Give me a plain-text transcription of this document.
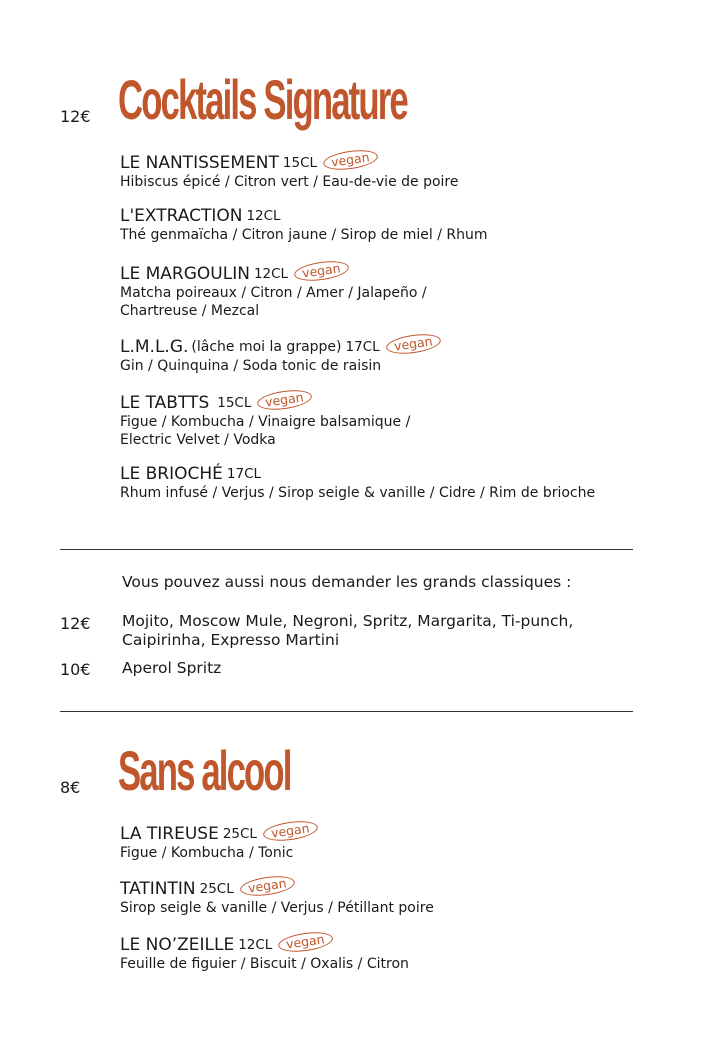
12€ Cocktails Signature
LE NANTISSEMENT 15CL	vegan
Hibiscus épicé / Citron vert / Eau-de-vie de poire
L'EXTRACTION 12CL
Thé genmaïcha / Citron jaune / Sirop de miel / Rhum
LE MARGOULIN 12CL	vegan
Matcha poireaux / Citron / Amer / Jalapeño /
Chartreuse / Mezcal
L.M.L.G. (lâche moi la grappe) 17CL	vegan
Gin / Quinquina / Soda tonic de raisin
LE TABTTS 15CL	vegan
Figue / Kombucha / Vinaigre balsamique /
Electric Velvet / Vodka
LE BRIOCHÉ 17CL
Rhum infusé / Verjus / Sirop seigle & vanille / Cidre / Rim de brioche
Vous pouvez aussi nous demander les grands classiques :
12€ Mojito, Moscow Mule, Negroni, Spritz, Margarita, Ti-punch,
Caipirinha, Expresso Martini
10€ Aperol Spritz
8€ Sans alcool
LA TIREUSE 25CL	vegan
Figue / Kombucha / Tonic
TATINTIN 25CL	vegan
Sirop seigle & vanille / Verjus / Pétillant poire
LE NO’ZEILLE 12CL	vegan
Feuille de figuier / Biscuit / Oxalis / Citron
